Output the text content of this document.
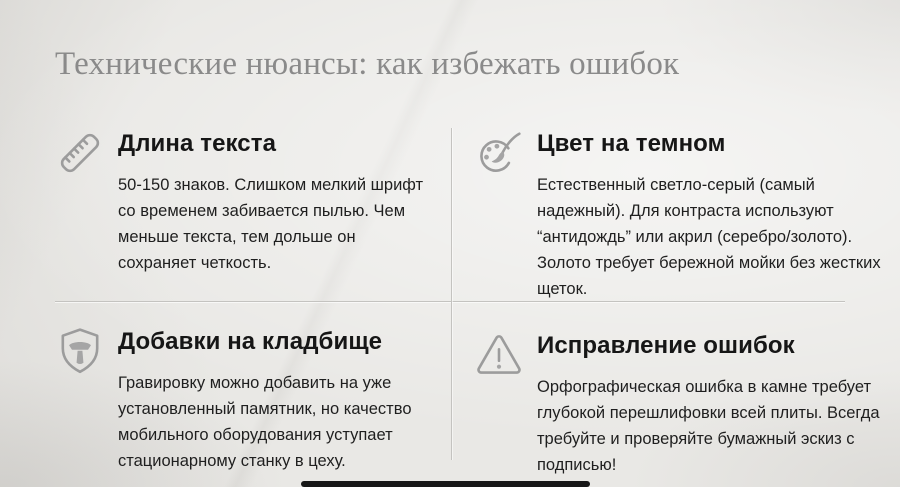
Технические нюансы: как избежать ошибок
Длина текста

50-150 знаков. Слишком мелкий шрифт со временем забивается пылью. Чем меньше текста, тем дольше он сохраняет четкость.

Цвет на темном

Естественный светло-серый (самый надежный). Для контраста используют “антидождь” или акрил (серебро/золото). Золото требует бережной мойки без жестких щеток.

Добавки на кладбище

Гравировку можно добавить на уже установленный памятник, но качество мобильного оборудования уступает стационарному станку в цеху.

Исправление ошибок

Орфографическая ошибка в камне требует глубокой перешлифовки всей плиты. Всегда требуйте и проверяйте бумажный эскиз с подписью!
